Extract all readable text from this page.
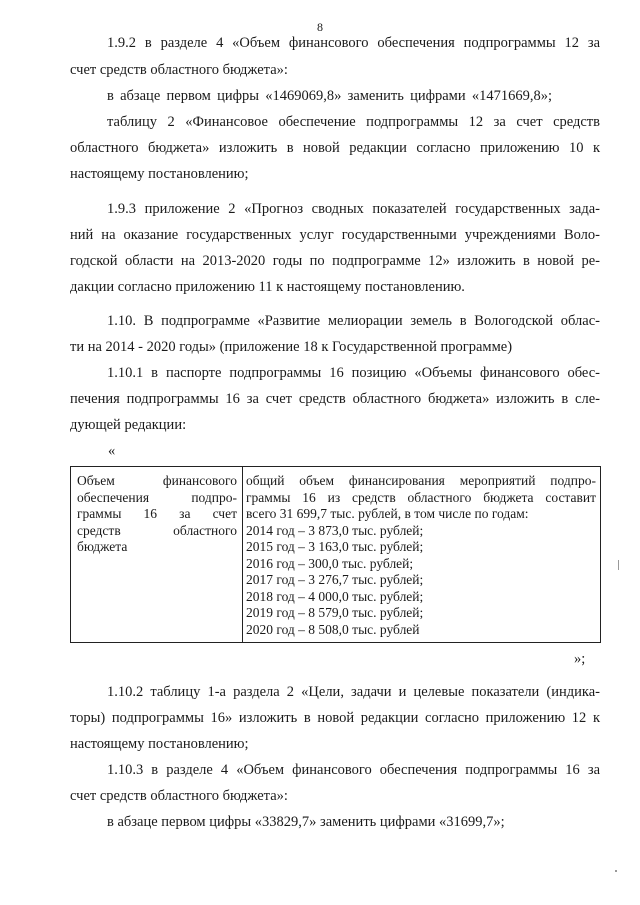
8
1.9.2 в разделе 4 «Объем финансового обеспечения подпрограммы 12 за
счет средств областного бюджета»:
в абзаце первом цифры «1469069,8» заменить цифрами «1471669,8»;
таблицу 2 «Финансовое обеспечение подпрограммы 12 за счет средств
областного бюджета» изложить в новой редакции согласно приложению 10 к
настоящему постановлению;
1.9.3 приложение 2 «Прогноз сводных показателей государственных зада-
ний на оказание государственных услуг государственными учреждениями Воло-
годской области на 2013-2020 годы по подпрограмме 12» изложить в новой ре-
дакции согласно приложению 11 к настоящему постановлению.
1.10. В подпрограмме «Развитие мелиорации земель в Вологодской облас-
ти на 2014 - 2020 годы» (приложение 18 к Государственной программе)
1.10.1 в паспорте подпрограммы 16 позицию «Объемы финансового обес-
печения подпрограммы 16 за счет средств областного бюджета» изложить в сле-
дующей редакции:
«
Объем финансового
обеспечения подпро-
граммы 16 за счет
средств областного
бюджета
общий объем финансирования мероприятий подпро-
граммы 16 из средств областного бюджета составит
всего 31 699,7 тыс. рублей, в том числе по годам:
2014 год – 3 873,0 тыс. рублей;
2015 год – 3 163,0 тыс. рублей;
2016 год – 300,0 тыс. рублей;
2017 год – 3 276,7 тыс. рублей;
2018 год – 4 000,0 тыс. рублей;
2019 год – 8 579,0 тыс. рублей;
2020 год – 8 508,0 тыс. рублей
»;
1.10.2 таблицу 1-а раздела 2 «Цели, задачи и целевые показатели (индика-
торы) подпрограммы 16» изложить в новой редакции согласно приложению 12 к
настоящему постановлению;
1.10.3 в разделе 4 «Объем финансового обеспечения подпрограммы 16 за
счет средств областного бюджета»:
в абзаце первом цифры «33829,7» заменить цифрами «31699,7»;
